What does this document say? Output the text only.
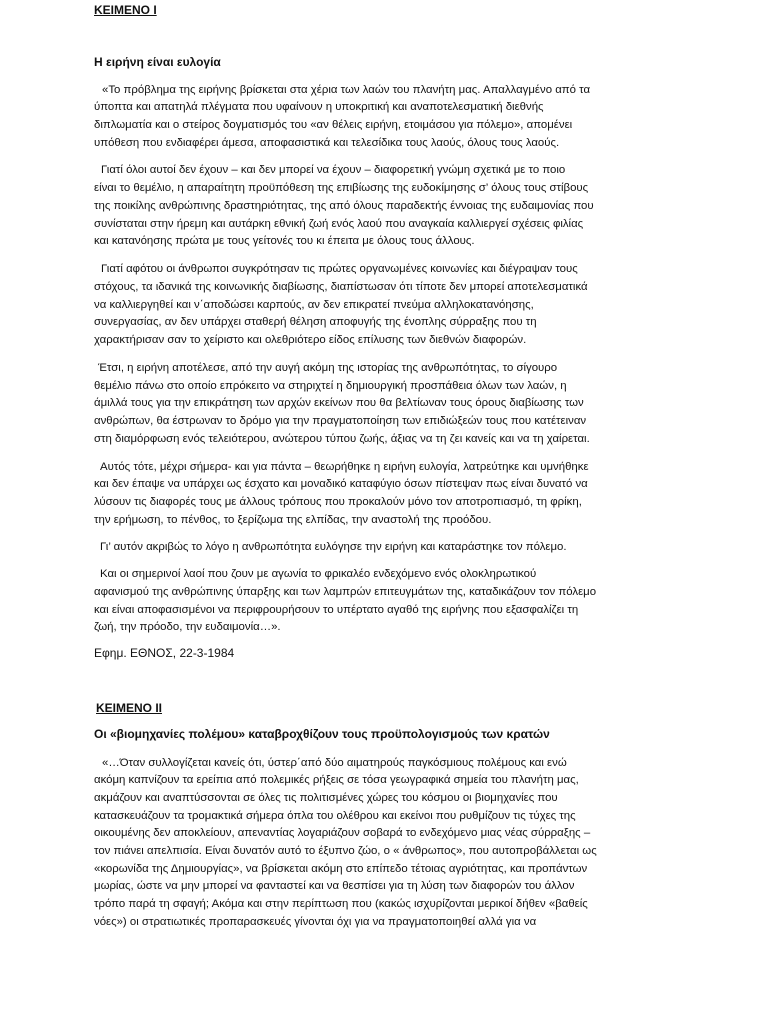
ΚΕΙΜΕΝΟ Ι
Η ειρήνη είναι ευλογία
«Το πρόβλημα της ειρήνης βρίσκεται στα χέρια των λαών του πλανήτη μας. Απαλλαγμένο από τα
ύποπτα και απατηλά πλέγματα που υφαίνουν η υποκριτική και αναποτελεσματική διεθνής
διπλωματία και ο στείρος δογματισμός του «αν θέλεις ειρήνη, ετοιμάσου για πόλεμο», απομένει
υπόθεση που ενδιαφέρει άμεσα, αποφασιστικά και τελεσίδικα τους λαούς, όλους τους λαούς.
Γιατί όλοι αυτοί δεν έχουν – και δεν μπορεί να έχουν – διαφορετική γνώμη σχετικά με το ποιο
είναι το θεμέλιο, η απαραίτητη προϋπόθεση της επιβίωσης της ευδοκίμησης σ’ όλους τους στίβους
της ποικίλης ανθρώπινης δραστηριότητας, της από όλους παραδεκτής έννοιας της ευδαιμονίας που
συνίσταται στην ήρεμη και αυτάρκη εθνική ζωή ενός λαού που αναγκαία καλλιεργεί σχέσεις φιλίας
και κατανόησης πρώτα με τους γείτονές του κι έπειτα με όλους τους άλλους.
Γιατί αφότου οι άνθρωποι συγκρότησαν τις πρώτες οργανωμένες κοινωνίες και διέγραψαν τους
στόχους, τα ιδανικά της κοινωνικής διαβίωσης, διαπίστωσαν ότι τίποτε δεν μπορεί αποτελεσματικά
να καλλιεργηθεί και ν΄αποδώσει καρπούς, αν δεν επικρατεί πνεύμα αλληλοκατανόησης,
συνεργασίας, αν δεν υπάρχει σταθερή θέληση αποφυγής της ένοπλης σύρραξης που τη
χαρακτήρισαν σαν το χείριστο και ολεθριότερο είδος επίλυσης των διεθνών διαφορών.
Έτσι, η ειρήνη αποτέλεσε, από την αυγή ακόμη της ιστορίας της ανθρωπότητας, το σίγουρο
θεμέλιο πάνω στο οποίο επρόκειτο να στηριχτεί η δημιουργική προσπάθεια όλων των λαών, η
άμιλλά τους για την επικράτηση των αρχών εκείνων που θα βελτίωναν τους όρους διαβίωσης των
ανθρώπων, θα έστρωναν το δρόμο για την πραγματοποίηση των επιδιώξεών τους που κατέτειναν
στη διαμόρφωση ενός τελειότερου, ανώτερου τύπου ζωής, άξιας να τη ζει κανείς και να τη χαίρεται.
Αυτός τότε, μέχρι σήμερα- και για πάντα – θεωρήθηκε η ειρήνη ευλογία, λατρεύτηκε και υμνήθηκε
και δεν έπαψε να υπάρχει ως έσχατο και μοναδικό καταφύγιο όσων πίστεψαν πως είναι δυνατό να
λύσουν τις διαφορές τους με άλλους τρόπους που προκαλούν μόνο τον αποτροπιασμό, τη φρίκη,
την ερήμωση, το πένθος, το ξερίζωμα της ελπίδας, την αναστολή της προόδου.
Γι’ αυτόν ακριβώς το λόγο η ανθρωπότητα ευλόγησε την ειρήνη και καταράστηκε τον πόλεμο.
Και οι σημερινοί λαοί που ζουν με αγωνία το φρικαλέο ενδεχόμενο ενός ολοκληρωτικού
αφανισμού της ανθρώπινης ύπαρξης και των λαμπρών επιτευγμάτων της, καταδικάζουν τον πόλεμο
και είναι αποφασισμένοι να περιφρουρήσουν το υπέρτατο αγαθό της ειρήνης που εξασφαλίζει τη
ζωή, την πρόοδο, την ευδαιμονία…».
Εφημ. ΕΘΝΟΣ, 22-3-1984
ΚΕΙΜΕΝΟ ΙΙ
Οι «βιομηχανίες πολέμου» καταβροχθίζουν τους προϋπολογισμούς των κρατών
«…Όταν συλλογίζεται κανείς ότι, ύστερ΄από δύο αιματηρούς παγκόσμιους πολέμους και ενώ
ακόμη καπνίζουν τα ερείπια από πολεμικές ρήξεις σε τόσα γεωγραφικά σημεία του πλανήτη μας,
ακμάζουν και αναπτύσσονται σε όλες τις πολιτισμένες χώρες του κόσμου οι βιομηχανίες που
κατασκευάζουν τα τρομακτικά σήμερα όπλα του ολέθρου και εκείνοι που ρυθμίζουν τις τύχες της
οικουμένης δεν αποκλείουν, απεναντίας λογαριάζουν σοβαρά το ενδεχόμενο μιας νέας σύρραξης –
τον πιάνει απελπισία. Είναι δυνατόν αυτό το έξυπνο ζώο, ο « άνθρωπος», που αυτοπροβάλλεται ως
«κορωνίδα της Δημιουργίας», να βρίσκεται ακόμη στο επίπεδο τέτοιας αγριότητας, και προπάντων
μωρίας, ώστε να μην μπορεί να φανταστεί και να θεσπίσει για τη λύση των διαφορών του άλλον
τρόπο παρά τη σφαγή; Ακόμα και στην περίπτωση που (κακώς ισχυρίζονται μερικοί δήθεν «βαθείς
νόες») οι στρατιωτικές προπαρασκευές γίνονται όχι για να πραγματοποιηθεί αλλά για να
